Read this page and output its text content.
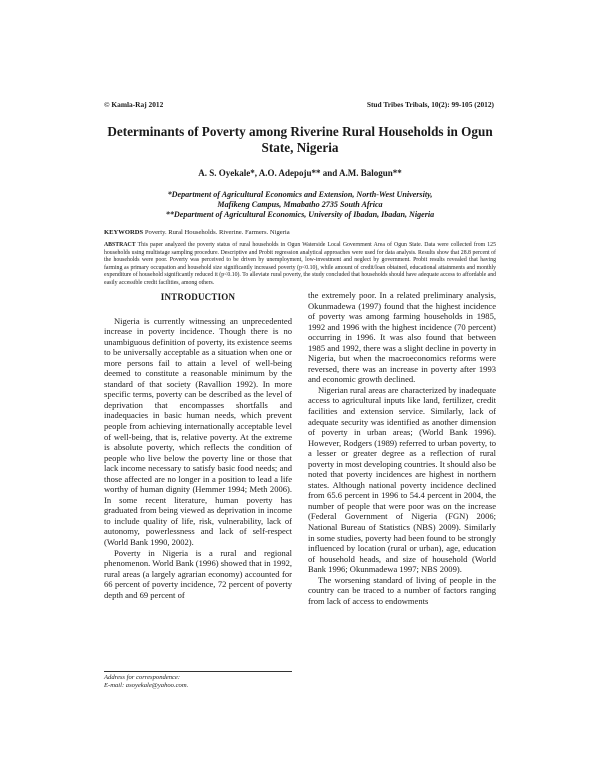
© Kamla-Raj 2012	Stud Tribes Tribals, 10(2): 99-105 (2012)
Determinants of Poverty among Riverine Rural Households in Ogun State, Nigeria
A. S. Oyekale*, A.O. Adepoju** and A.M. Balogun**
*Department of Agricultural Economics and Extension, North-West University,
Mafikeng Campus, Mmabatho 2735 South Africa
**Department of Agricultural Economics, University of Ibadan, Ibadan, Nigeria
KEYWORDS Poverty. Rural Households. Riverine. Farmers. Nigeria
ABSTRACT This paper analyzed the poverty status of rural households in Ogun Waterside Local Government Area of Ogun State. Data were collected from 125 households using multistage sampling procedure. Descriptive and Probit regression analytical approaches were used for data analysis. Results show that 28.8 percent of the households were poor. Poverty was perceived to be driven by unemployment, low-investment and neglect by government. Probit results revealed that having farming as primary occupation and household size significantly increased poverty (p<0.10), while amount of credit/loan obtained, educational attainments and monthly expenditure of household significantly reduced it (p<0.10). To alleviate rural poverty, the study concluded that households should have adequate access to affordable and easily accessible credit facilities, among others.

INTRODUCTION

Nigeria is currently witnessing an unprecedented increase in poverty incidence. Though there is no unambiguous definition of poverty, its existence seems to be universally acceptable as a situation when one or more persons fail to attain a level of well-being deemed to constitute a reasonable minimum by the standard of that society (Ravallion 1992). In more specific terms, poverty can be described as the level of deprivation that encompasses shortfalls and inadequacies in basic human needs, which prevent people from achieving internationally acceptable level of well-being, that is, relative poverty. At the extreme is absolute poverty, which reflects the condition of people who live below the poverty line or those that lack income necessary to satisfy basic food needs; and those affected are no longer in a position to lead a life worthy of human dignity (Hemmer 1994; Meth 2006). In some recent literature, human poverty has graduated from being viewed as deprivation in income to include quality of life, risk, vulnerability, lack of autonomy, powerlessness and lack of self-respect (World Bank 1990, 2002).

Poverty in Nigeria is a rural and regional phenomenon. World Bank (1996) showed that in 1992, rural areas (a largely agrarian economy) accounted for 66 percent of poverty incidence, 72 percent of poverty depth and 69 percent of

the extremely poor. In a related preliminary analysis, Okunmadewa (1997) found that the highest incidence of poverty was among farming households in 1985, 1992 and 1996 with the highest incidence (70 percent) occurring in 1996. It was also found that between 1985 and 1992, there was a slight decline in poverty in Nigeria, but when the macroeconomics reforms were reversed, there was an increase in poverty after 1993 and economic growth declined.

Nigerian rural areas are characterized by inadequate access to agricultural inputs like land, fertilizer, credit facilities and extension service. Similarly, lack of adequate security was identified as another dimension of poverty in urban areas; (World Bank 1996). However, Rodgers (1989) referred to urban poverty, to a lesser or greater degree as a reflection of rural poverty in most developing countries. It should also be noted that poverty incidences are highest in northern states. Although national poverty incidence declined from 65.6 percent in 1996 to 54.4 percent in 2004, the number of people that were poor was on the increase (Federal Government of Nigeria (FGN) 2006; National Bureau of Statistics (NBS) 2009). Similarly in some studies, poverty had been found to be strongly influenced by location (rural or urban), age, education of household heads, and size of household (World Bank 1996; Okunmadewa 1997; NBS 2009).

The worsening standard of living of people in the country can be traced to a number of factors ranging from lack of access to endowments

Address for correspondence:
E-mail: asoyekale@yahoo.com.
